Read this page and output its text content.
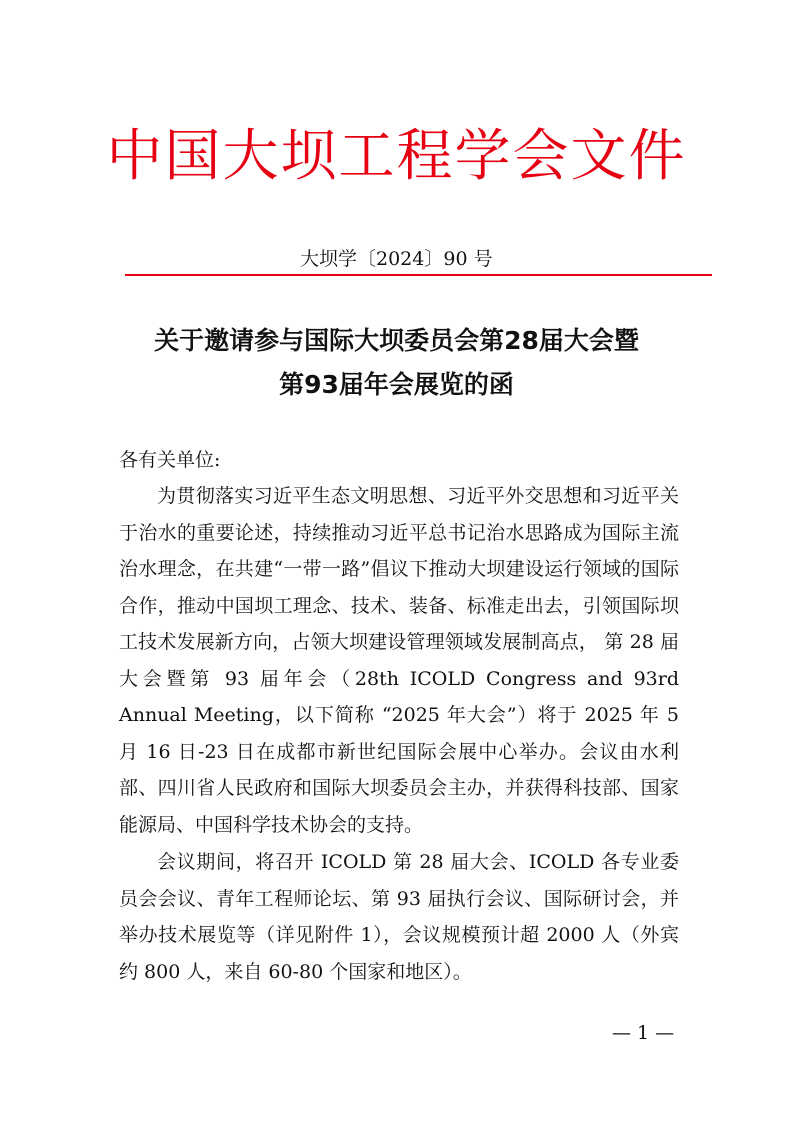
中国大坝工程学会文件
大坝学〔2024〕90 号
关于邀请参与国际大坝委员会第28届大会暨
第93届年会展览的函
各有关单位:
为贯彻落实习近平生态文明思想、习近平外交思想和习近平关于治水的重要论述，持续推动习近平总书记治水思路成为国际主流治水理念，在共建“一带一路”倡议下推动大坝建设运行领域的国际合作，推动中国坝工理念、技术、装备、标准走出去，引领国际坝工技术发展新方向，占领大坝建设管理领域发展制高点， 第 28 届大会暨第 93 届年会（28th ICOLD Congress and 93rd Annual Meeting，以下简称 “2025 年大会”）将于 2025 年 5 月 16 日-23 日在成都市新世纪国际会展中心举办。会议由水利部、四川省人民政府和国际大坝委员会主办，并获得科技部、国家能源局、中国科学技术协会的支持。
会议期间，将召开 ICOLD 第 28 届大会、ICOLD 各专业委员会会议、青年工程师论坛、第 93 届执行会议、国际研讨会，并举办技术展览等（详见附件 1），会议规模预计超 2000 人（外宾约 800 人，来自 60-80 个国家和地区）。
— 1 —
